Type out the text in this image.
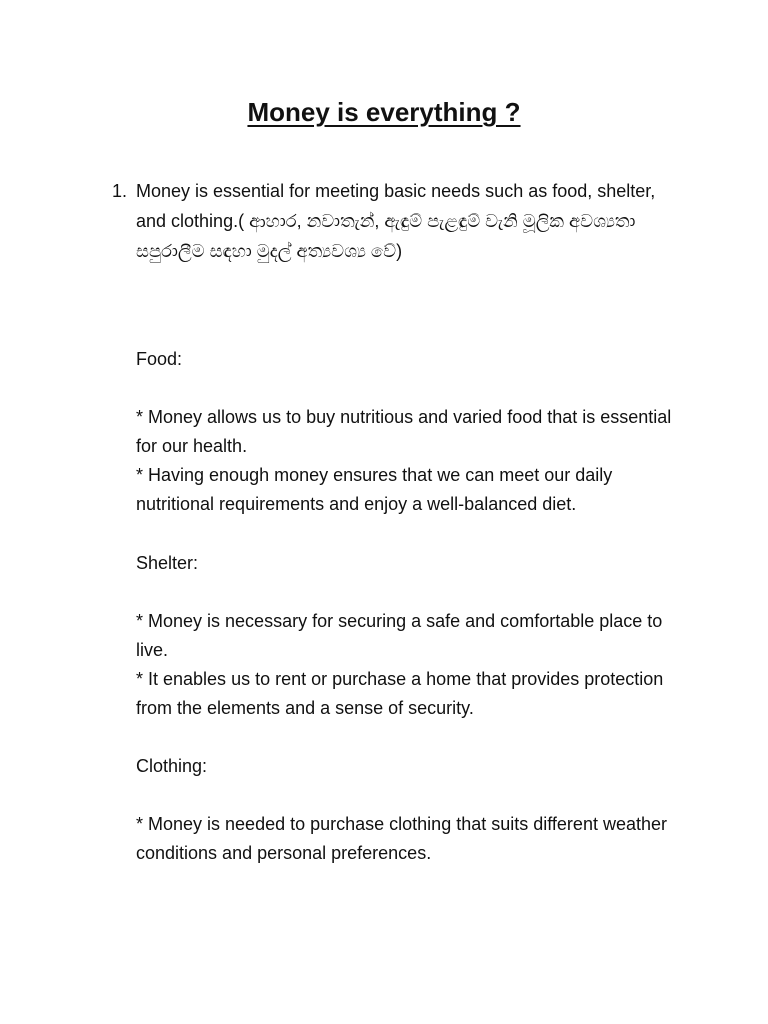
Money is everything ?
1. Money is essential for meeting basic needs such as food, shelter, and clothing.( ආහාර, නවාතැන්, ඇඳුම් පැළඳුම් වැනි මූලික අවශ්‍යතා සපුරාලීම සඳහා මුදල් අත්‍යවශ්‍ය වේ)

Food:

* Money allows us to buy nutritious and varied food that is essential for our health.

* Having enough money ensures that we can meet our daily nutritional requirements and enjoy a well-balanced diet.

Shelter:

* Money is necessary for securing a safe and comfortable place to live.

* It enables us to rent or purchase a home that provides protection from the elements and a sense of security.

Clothing:

* Money is needed to purchase clothing that suits different weather conditions and personal preferences.
